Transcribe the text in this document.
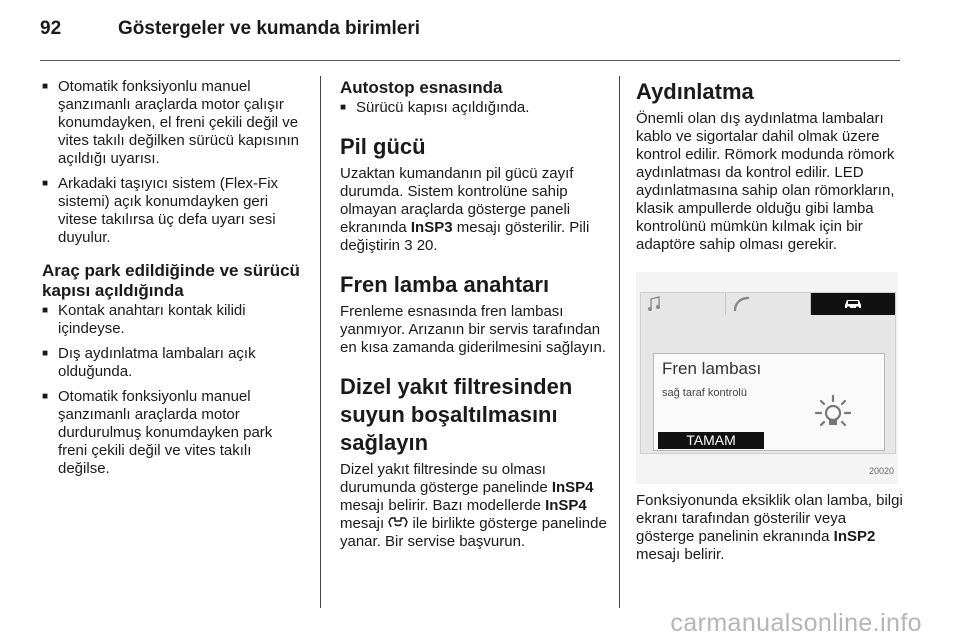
92	Göstergeler ve kumanda birimleri
■ Otomatik fonksiyonlu manuel şanzımanlı araçlarda motor çalışır konumdayken, el freni çekili değil ve vites takılı değilken sürücü kapısının açıldığı uyarısı.
■ Arkadaki taşıyıcı sistem (Flex-Fix sistemi) açık konumdayken geri vitese takılırsa üç defa uyarı sesi duyulur.
Araç park edildiğinde ve sürücü kapısı açıldığında
■ Kontak anahtarı kontak kilidi içindeyse.
■ Dış aydınlatma lambaları açık olduğunda.
■ Otomatik fonksiyonlu manuel şanzımanlı araçlarda motor durdurulmuş konumdayken park freni çekili değil ve vites takılı değilse.
Autostop esnasında
■ Sürücü kapısı açıldığında.
Pil gücü

Uzaktan kumandanın pil gücü zayıf durumda. Sistem kontrolüne sahip olmayan araçlarda gösterge paneli ekranında InSP3 mesajı gösterilir. Pili değiştirin 3 20.

Fren lamba anahtarı

Frenleme esnasında fren lambası yanmıyor. Arızanın bir servis tarafından en kısa zamanda giderilmesini sağlayın.

Dizel yakıt filtresinden suyun boşaltılmasını sağlayın

Dizel yakıt filtresinde su olması durumunda gösterge panelinde InSP4 mesajı belirir. Bazı modellerde InSP4 mesajı  ile birlikte gösterge panelinde yanar. Bir servise başvurun.

Aydınlatma

Önemli olan dış aydınlatma lambaları kablo ve sigortalar dahil olmak üzere kontrol edilir. Römork modunda römork aydınlatması da kontrol edilir. LED aydınlatmasına sahip olan römorkların, klasik ampullerde olduğu gibi lamba kontrolünü mümkün kılmak için bir adaptöre sahip olması gerekir.

Fren lambası
sağ taraf kontrolü
TAMAM
20020

Fonksiyonunda eksiklik olan lamba, bilgi ekranı tarafından gösterilir veya gösterge panelinin ekranında InSP2 mesajı belirir.

carmanualsonline.info
